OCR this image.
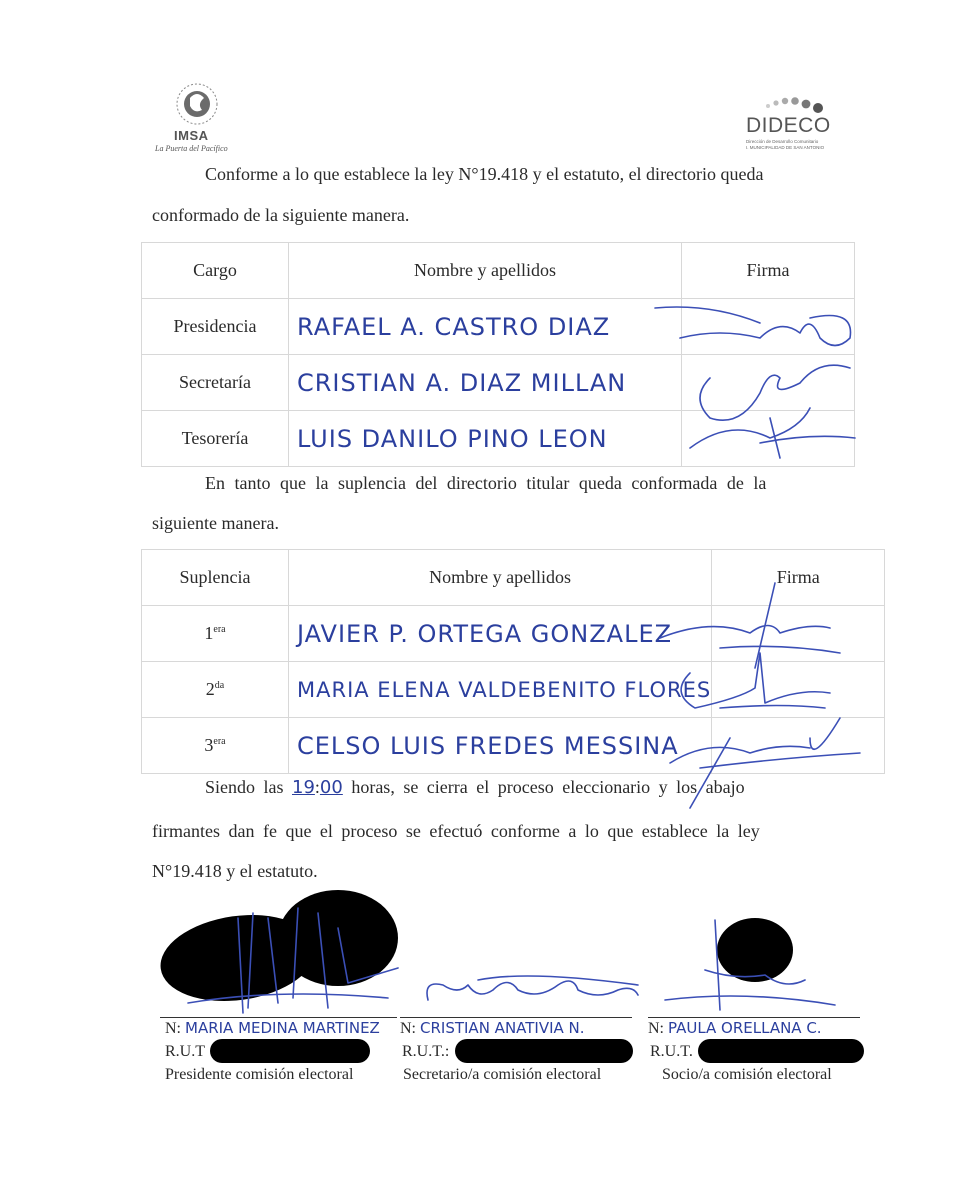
IMSA
La Puerta del Pacífico
DIDECO
Dirección de Desarrollo Comunitario
I. MUNICIPALIDAD DE SAN ANTONIO
Conforme a lo que establece la ley N°19.418 y el estatuto, el directorio queda
conformado de la siguiente manera.
Cargo	Nombre y apellidos	Firma
Presidencia	RAFAEL A. CASTRO DIAZ	
Secretaría	CRISTIAN A. DIAZ MILLAN	
Tesorería	LUIS DANILO PINO LEON	
En tanto que la suplencia del directorio titular queda conformada de la
siguiente manera.
Suplencia	Nombre y apellidos	Firma
$1^{era}$	JAVIER P. ORTEGA GONZALEZ	
$2^{da}$	MARIA ELENA VALDEBENITO FLORES	
$3^{era}$	CELSO LUIS FREDES MESSINA	
Siendo las 19:00 horas, se cierra el proceso eleccionario y los abajo
firmantes dan fe que el proceso se efectuó conforme a lo que establece la ley
N°19.418 y el estatuto.
N: MARIA MEDINA MARTINEZ
R.U.T
Presidente comisión electoral
N: CRISTIAN ANATIVIA N.
R.U.T.:
Secretario/a comisión electoral
N: PAULA ORELLANA C.
R.U.T.
Socio/a comisión electoral
